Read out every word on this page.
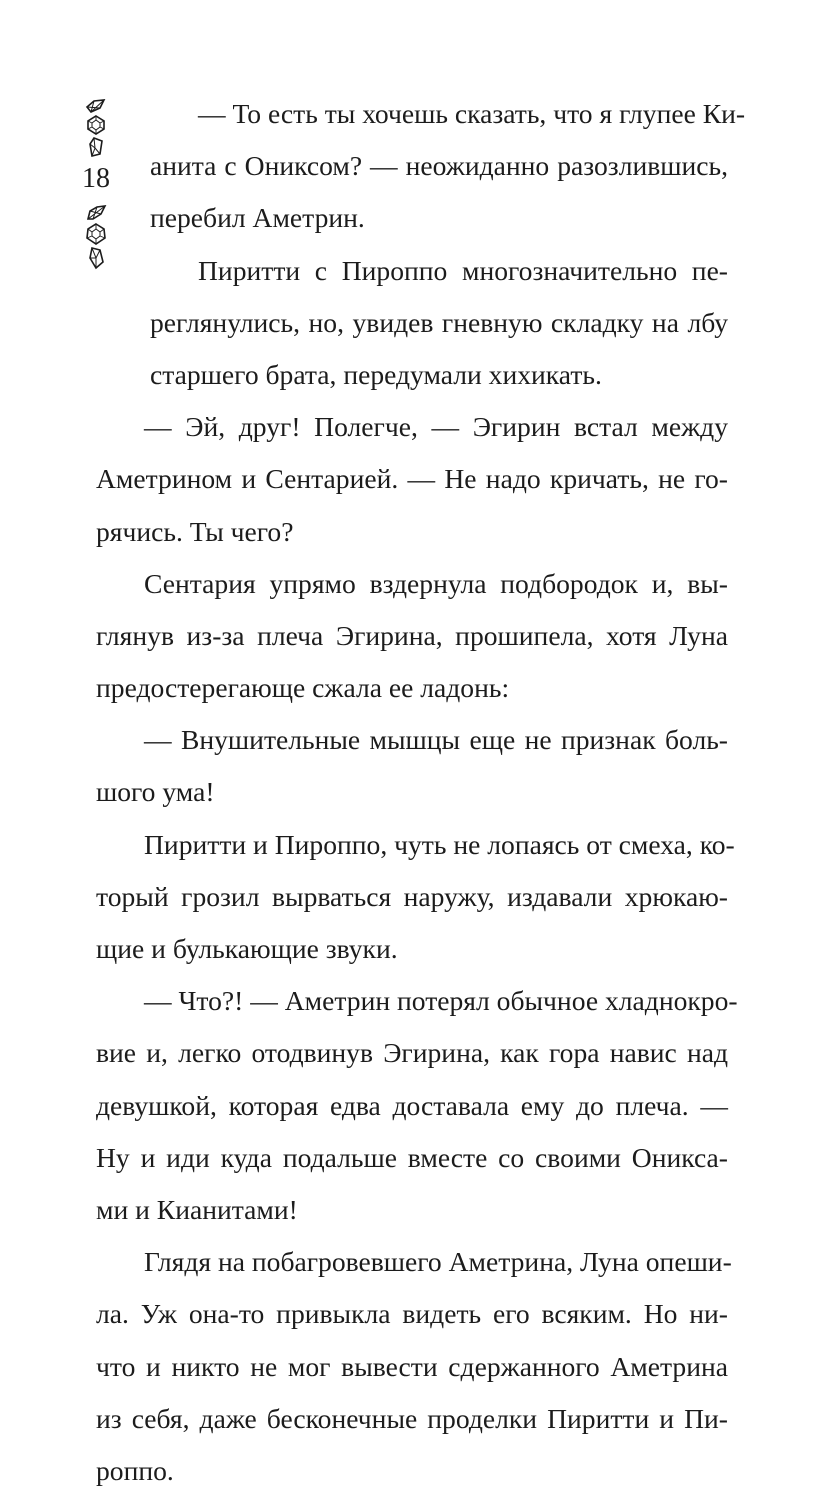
18
— То есть ты хочешь сказать, что я глупее Ки-
анита с Ониксом? — неожиданно разозлившись,
перебил Аметрин.
Пиритти с Пироппо многозначительно пе-
реглянулись, но, увидев гневную складку на лбу
старшего брата, передумали хихикать.
— Эй, друг! Полегче, — Эгирин встал между
Аметрином и Сентарией. — Не надо кричать, не го-
рячись. Ты чего?
Сентария упрямо вздернула подбородок и, вы-
глянув из-за плеча Эгирина, прошипела, хотя Луна
предостерегающе сжала ее ладонь:
— Внушительные мышцы еще не признак боль-
шого ума!
Пиритти и Пироппо, чуть не лопаясь от смеха, ко-
торый грозил вырваться наружу, издавали хрюкаю-
щие и булькающие звуки.
— Что?! — Аметрин потерял обычное хладнокро-
вие и, легко отодвинув Эгирина, как гора навис над
девушкой, которая едва доставала ему до плеча. —
Ну и иди куда подальше вместе со своими Оникса-
ми и Кианитами!
Глядя на побагровевшего Аметрина, Луна опеши-
ла. Уж она-то привыкла видеть его всяким. Но ни-
что и никто не мог вывести сдержанного Аметрина
из себя, даже бесконечные проделки Пиритти и Пи-
роппо.
